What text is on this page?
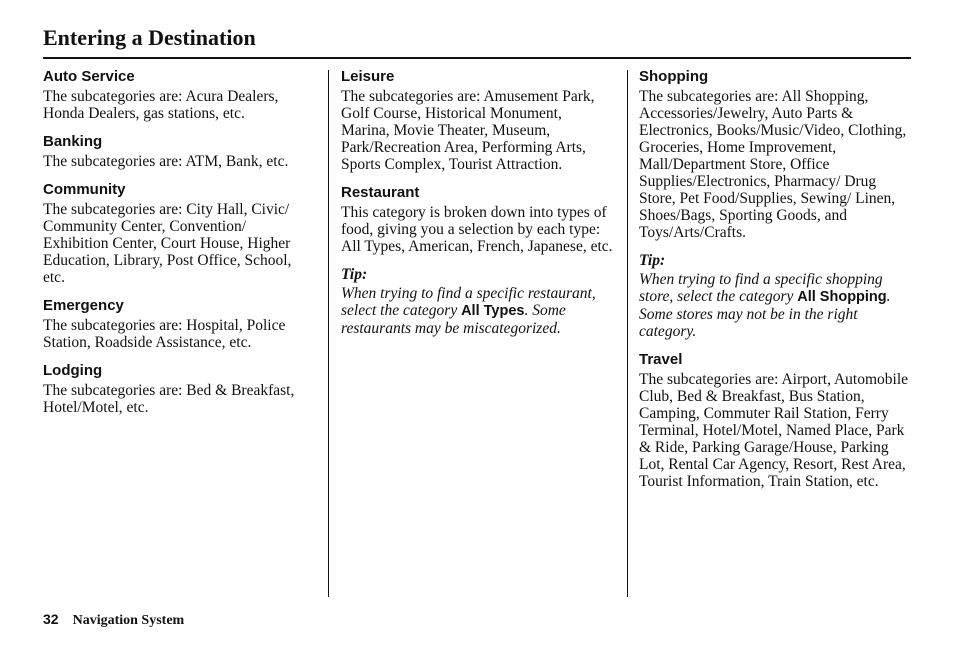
Entering a Destination
Auto Service

The subcategories are: Acura Dealers, Honda Dealers, gas stations, etc.

Banking

The subcategories are: ATM, Bank, etc.

Community

The subcategories are: City Hall, Civic/ Community Center, Convention/ Exhibition Center, Court House, Higher Education, Library, Post Office, School, etc.

Emergency

The subcategories are: Hospital, Police Station, Roadside Assistance, etc.

Lodging

The subcategories are: Bed & Breakfast, Hotel/Motel, etc.

Leisure

The subcategories are: Amusement Park, Golf Course, Historical Monument, Marina, Movie Theater, Museum, Park/Recreation Area, Performing Arts, Sports Complex, Tourist Attraction.

Restaurant

This category is broken down into types of food, giving you a selection by each type: All Types, American, French, Japanese, etc.

Tip:

When trying to find a specific restaurant, select the category All Types. Some restaurants may be miscategorized.

Shopping

The subcategories are: All Shopping, Accessories/Jewelry, Auto Parts & Electronics, Books/Music/Video, Clothing, Groceries, Home Improvement, Mall/Department Store, Office Supplies/Electronics, Pharmacy/ Drug Store, Pet Food/Supplies, Sewing/ Linen, Shoes/Bags, Sporting Goods, and Toys/Arts/Crafts.

Tip:

When trying to find a specific shopping store, select the category All Shopping. Some stores may not be in the right category.

Travel

The subcategories are: Airport, Automobile Club, Bed & Breakfast, Bus Station, Camping, Commuter Rail Station, Ferry Terminal, Hotel/Motel, Named Place, Park & Ride, Parking Garage/House, Parking Lot, Rental Car Agency, Resort, Rest Area, Tourist Information, Train Station, etc.

32 Navigation System
